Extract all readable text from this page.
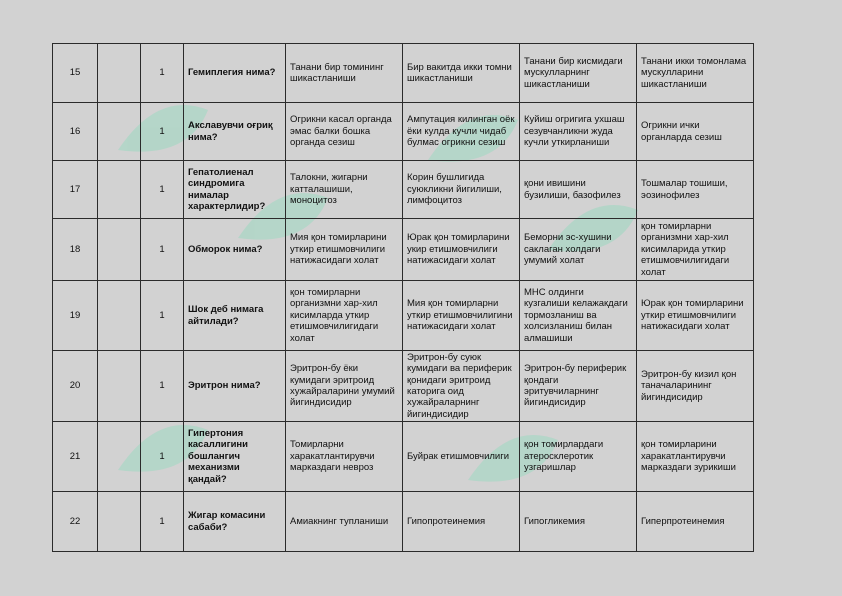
15		1	Гемиплегия нима?	Танани бир томининг шикастланиши	Бир вакитда икки томни шикастланиши	Танани бир кисмидаги мускулларнинг шикастланиши	Танани икки томонлама мускулларини шикастланиши
16		1	Акславувчи оғриқ нима?	Огрикни касал органда эмас балки бошка органда сезиш	Ампутация килинган оёк ёки кулда кучли чидаб булмас огрикни сезиш	Куйиш огригига ухшаш сезувчанликни жуда кучли уткирланиши	Огрикни ички органларда сезиш
17		1	Гепатолиенал синдромига нималар характерлидир?	Талокни, жигарни катталашиши, моноцитоз	Корин бушлигида суюкликни йигилиши, лимфоцитоз	қони ивишини бузилиши, базофилез	Тошмалар тошиши, эозинофилез
18		1	Обморок нима?	Мия қон томирларини уткир етишмовчилиги натижасидаги холат	Юрак қон томирларини укир етишмовчилиги натижасидаги холат	Беморни эс-хушини саклаган холдаги умумий холат	қон томирларни организмни хар-хил кисимларида уткир етишмовчилигидаги холат
19		1	Шок деб нимага айтилади?	қон томирларни организмни хар-хил кисимларда уткир етишмовчилигидаги холат	Мия қон томирларни уткир етишмовчилигини натижасидаги холат	МНС олдинги кузгалиши келажакдаги тормозланиш ва холсизланиш билан алмашиши	Юрак қон томирларини уткир етишмовчилиги натижасидаги холат
20		1	Эритрон нима?	Эритрон-бу ёки кумидаги эритроид хужайраларини умумий йигиндисидир	Эритрон-бу суюк кумидаги ва периферик қонидаги эритроид каторига оид хужайраларнинг йигиндисидир	Эритрон-бу периферик қондаги эритувчиларнинг йигиндисидир	Эритрон-бу кизил қон таначаларининг йигиндисидир
21		1	Гипертония касаллигини бошлангич механизми қандай?	Томирларни харакатлантирувчи марказдаги невроз	Буйрак етишмовчилиги	қон томирлардаги атеросклеротик узгаришлар	қон томирларини харакатлантирувчи марказдаги зурикиши
22		1	Жигар комасини сабаби?	Амиакнинг тупланиши	Гипопротеинемия	Гипогликемия	Гиперпротеинемия
